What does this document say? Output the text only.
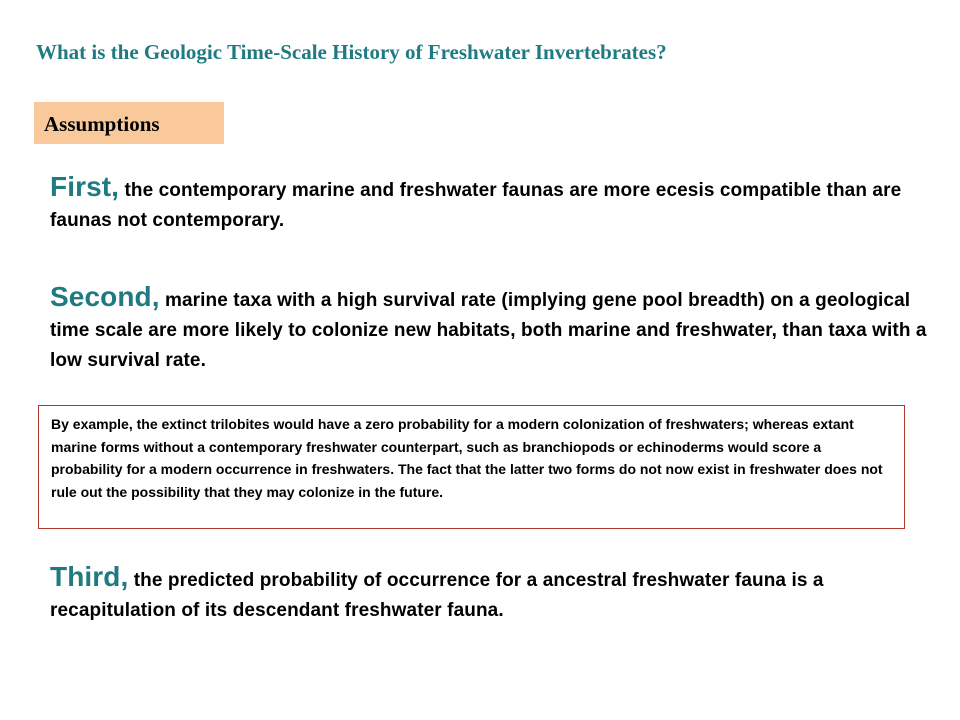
What is the Geologic Time-Scale History of Freshwater Invertebrates?
Assumptions
First, the contemporary marine and freshwater faunas are more ecesis compatible than are faunas not contemporary.
Second, marine taxa with a high survival rate (implying gene pool breadth) on a geological time scale are more likely to colonize new habitats, both marine and freshwater, than taxa with a low survival rate.
By example, the extinct trilobites would have a zero probability for a modern colonization of freshwaters; whereas extant marine forms without a contemporary freshwater counterpart, such as branchiopods or echinoderms would score a probability for a modern occurrence in freshwaters. The fact that the latter two forms do not now exist in freshwater does not rule out the possibility that they may colonize in the future.
Third, the predicted probability of occurrence for a ancestral freshwater fauna is a recapitulation of its descendant freshwater fauna.
